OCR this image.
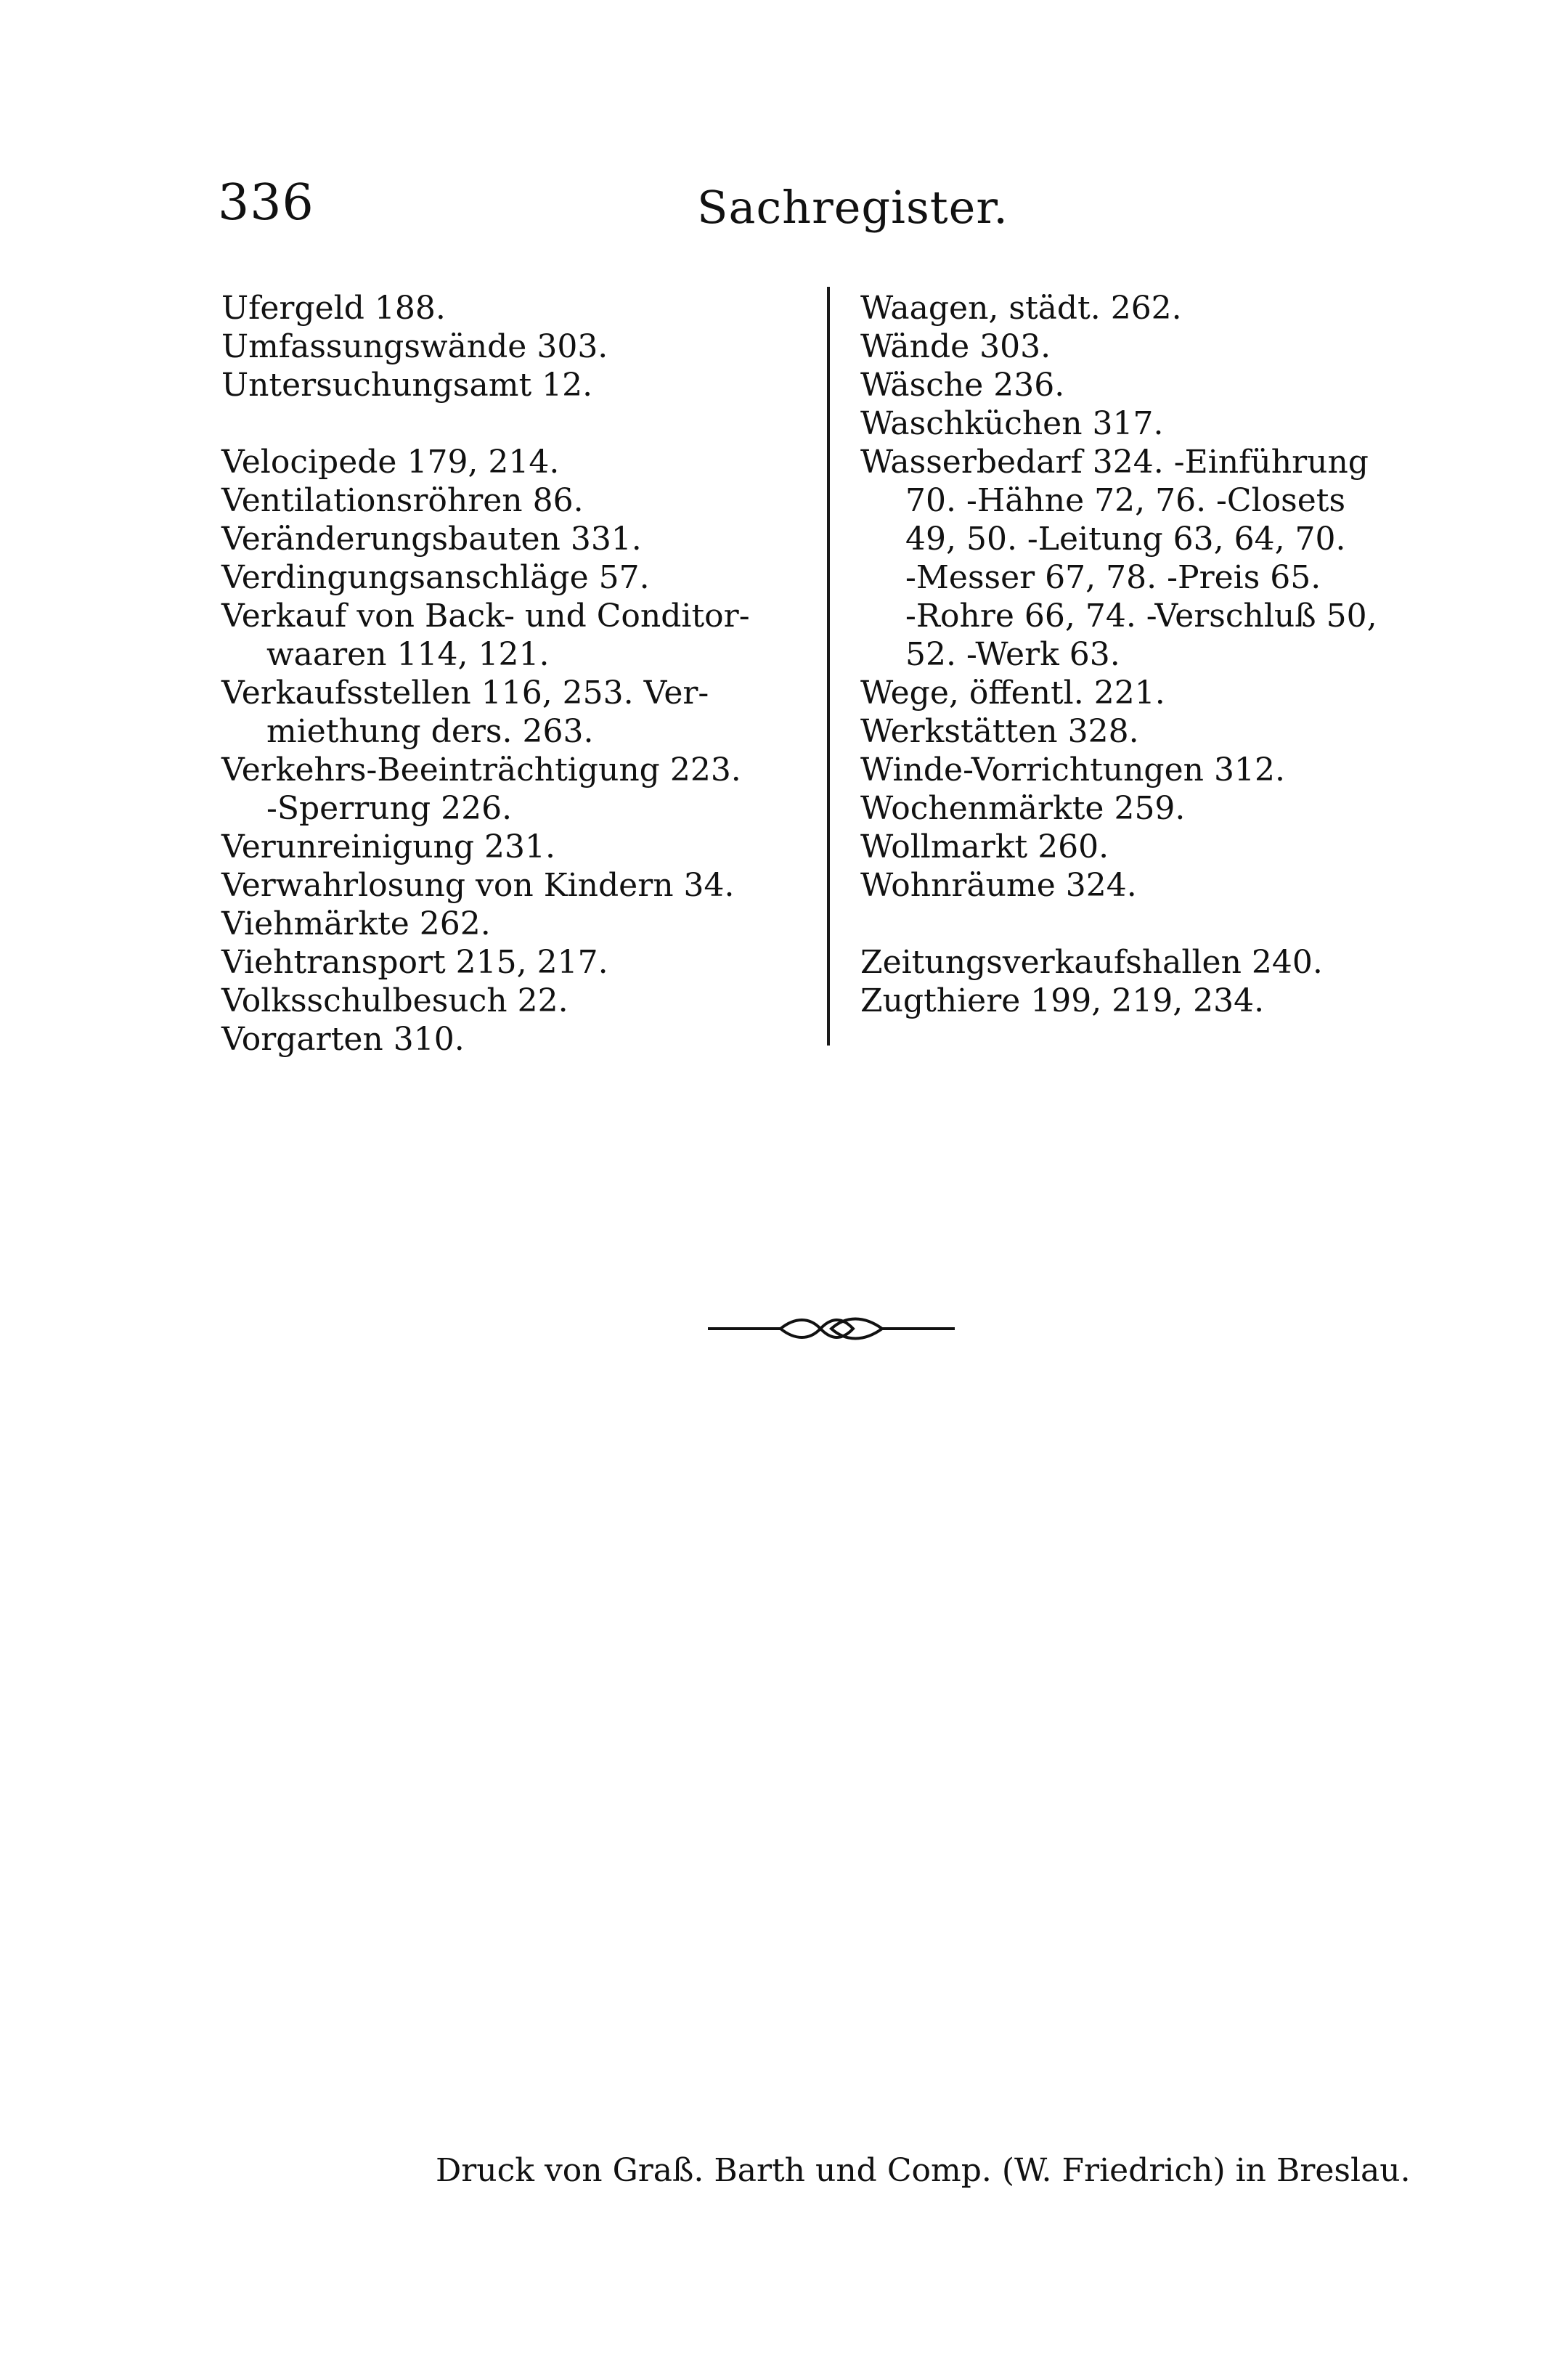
336	Sachregister.
Ufergeld 188.
Umfassungswände 303.
Untersuchungsamt 12.
Velocipede 179, 214.
Ventilationsröhren 86.
Veränderungsbauten 331.
Verdingungsanschläge 57.
Verkauf von Back- und Conditor-
waaren 114, 121.
Verkaufsstellen 116, 253. Ver-
miethung ders. 263.
Verkehrs-Beeinträchtigung 223.
-Sperrung 226.
Verunreinigung 231.
Verwahrlosung von Kindern 34.
Viehmärkte 262.
Viehtransport 215, 217.
Volksschulbesuch 22.
Vorgarten 310.
Waagen, städt. 262.
Wände 303.
Wäsche 236.
Waschküchen 317.
Wasserbedarf 324. -Einführung
70. -Hähne 72, 76. -Closets
49, 50. -Leitung 63, 64, 70.
-Messer 67, 78. -Preis 65.
-Rohre 66, 74. -Verschluß 50,
52. -Werk 63.
Wege, öffentl. 221.
Werkstätten 328.
Winde-Vorrichtungen 312.
Wochenmärkte 259.
Wollmarkt 260.
Wohnräume 324.
Zeitungsverkaufshallen 240.
Zugthiere 199, 219, 234.
Druck von Graß. Barth und Comp. (W. Friedrich) in Breslau.
